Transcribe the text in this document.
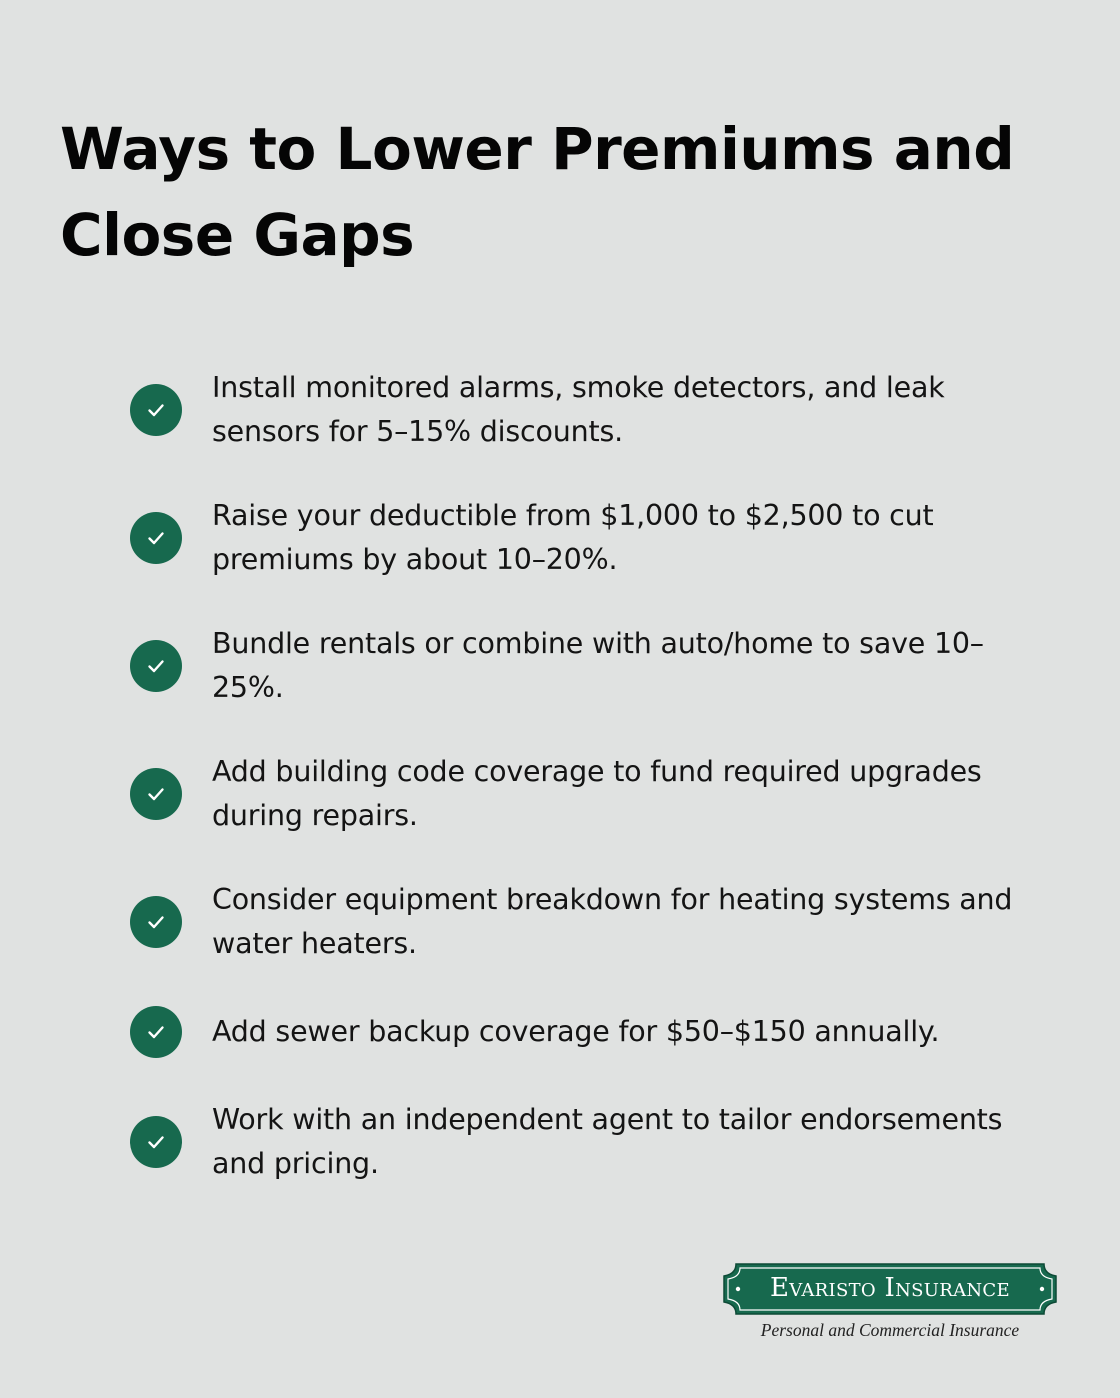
Ways to Lower Premiums and Close Gaps
Install monitored alarms, smoke detectors, and leak sensors for 5–15% discounts.
Raise your deductible from $1,000 to $2,500 to cut premiums by about 10–20%.
Bundle rentals or combine with auto/home to save 10–25%.
Add building code coverage to fund required upgrades during repairs.
Consider equipment breakdown for heating systems and water heaters.
Add sewer backup coverage for $50–$150 annually.
Work with an independent agent to tailor endorsements and pricing.
Evaristo Insurance
Personal and Commercial Insurance
